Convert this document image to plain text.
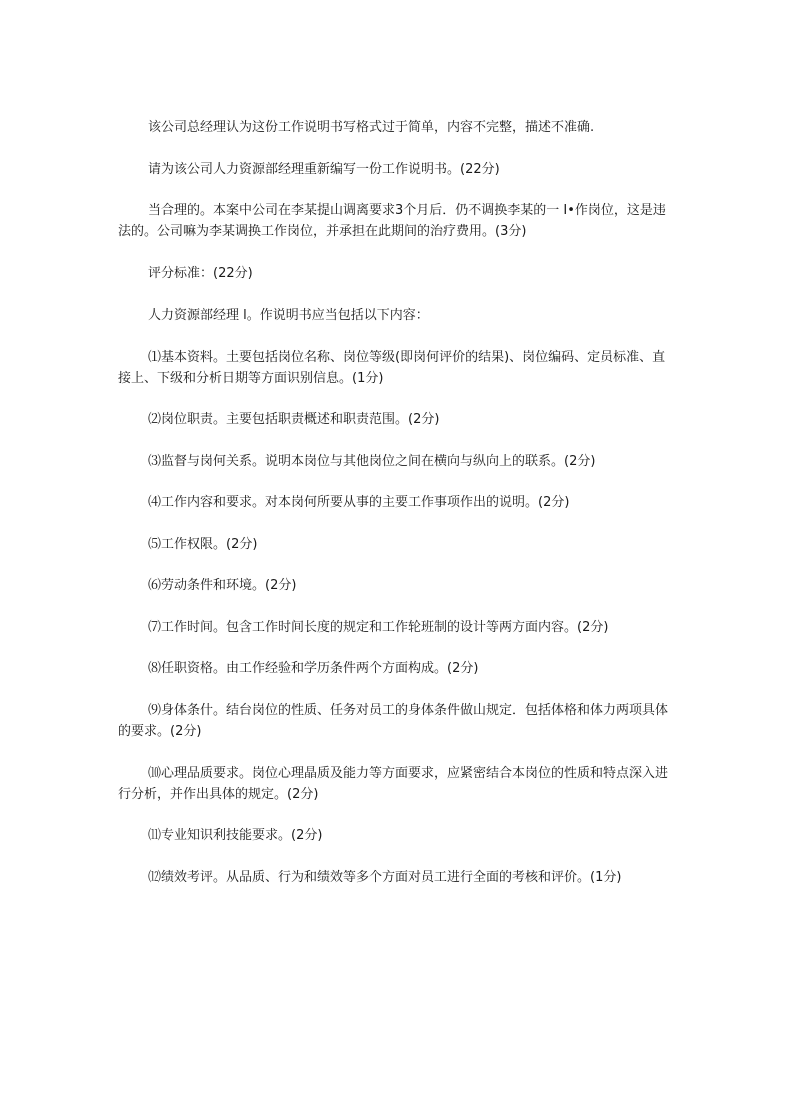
该公司总经理认为这份工作说明书写格式过于简单，内容不完整，描述不准确.

请为该公司人力资源部经理重新编写一份工作说明书。(22分)

当合理的。本案中公司在李某提山调离要求3个月后．仍不调换李某的一 I•作岗位，这是违法的。公司嘛为李某调换工作岗位，并承担在此期间的治疗费用。(3分)

评分标准：(22分)

人力资源部经理 l。作说明书应当包括以下内容：

⑴基本资料。土要包括岗位名称、岗位等级(即岗何评价的结果)、岗位编码、定员标准、直接上、下级和分析日期等方面识别信息。(1分)

⑵岗位职责。主要包括职责概述和职责范围。(2分)

⑶监督与岗何关系。说明本岗位与其他岗位之间在横向与纵向上的联系。(2分)

⑷工作内容和要求。对本岗何所要从事的主要工作事项作出的说明。(2分)

⑸工作权限。(2分)

⑹劳动条件和环境。(2分)

⑺工作时间。包含工作时间长度的规定和工作轮班制的设计等两方面内容。(2分)

⑻任职资格。由工作经验和学历条件两个方面构成。(2分)

⑼身体条什。结台岗位的性质、任务对员工的身体条件做山规定．包括体格和体力两项具体的要求。(2分)

⑽心理品质要求。岗位心理晶质及能力等方面要求，应紧密结合本岗位的性质和特点深入进行分析，并作出具体的规定。(2分)

⑾专业知识利技能要求。(2分)

⑿绩效考评。从品质、行为和绩效等多个方面对员工进行全面的考核和评价。(1分)
